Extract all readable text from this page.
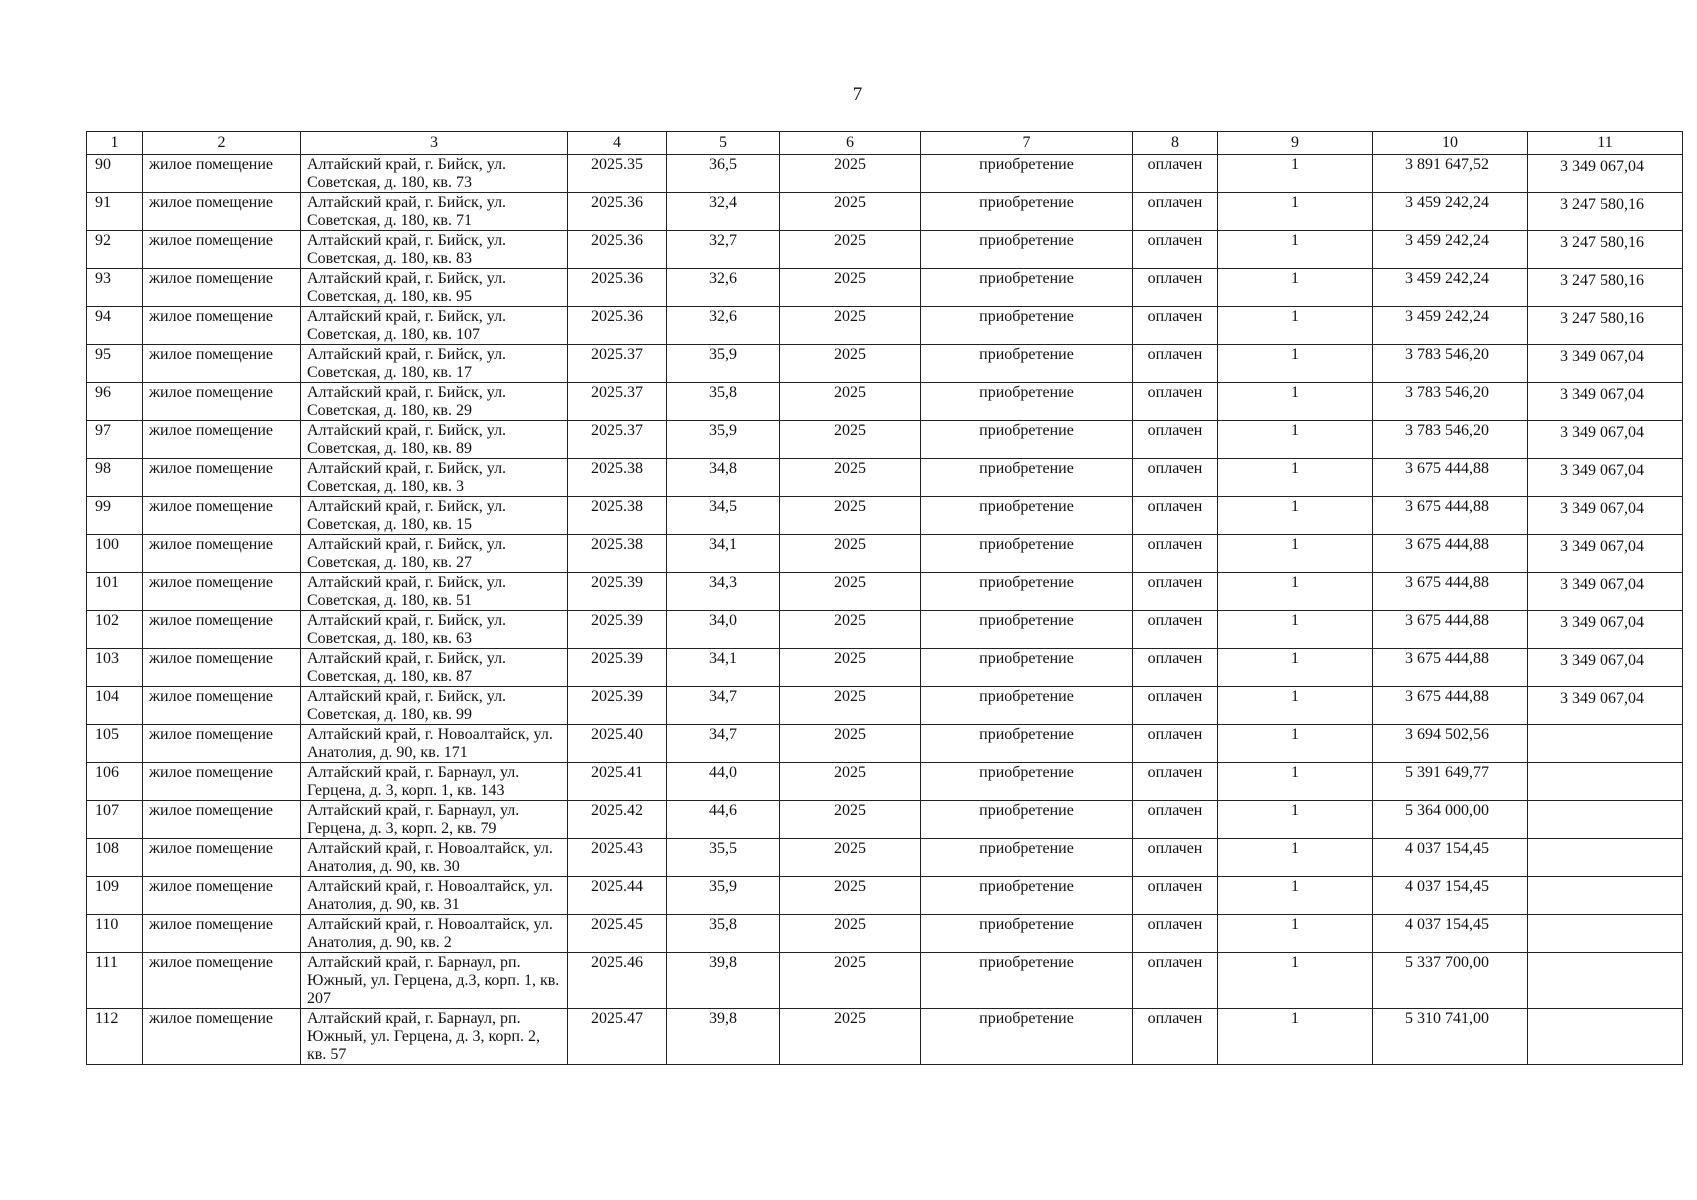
7
1	2	3	4	5	6	7	8	9	10	11
90	жилое помещение	Алтайский край, г. Бийск, ул. Советская, д. 180, кв. 73	2025.35	36,5	2025	приобретение	оплачен	1	3 891 647,52	3 349 067,04
91	жилое помещение	Алтайский край, г. Бийск, ул. Советская, д. 180, кв. 71	2025.36	32,4	2025	приобретение	оплачен	1	3 459 242,24	3 247 580,16
92	жилое помещение	Алтайский край, г. Бийск, ул. Советская, д. 180, кв. 83	2025.36	32,7	2025	приобретение	оплачен	1	3 459 242,24	3 247 580,16
93	жилое помещение	Алтайский край, г. Бийск, ул. Советская, д. 180, кв. 95	2025.36	32,6	2025	приобретение	оплачен	1	3 459 242,24	3 247 580,16
94	жилое помещение	Алтайский край, г. Бийск, ул. Советская, д. 180, кв. 107	2025.36	32,6	2025	приобретение	оплачен	1	3 459 242,24	3 247 580,16
95	жилое помещение	Алтайский край, г. Бийск, ул. Советская, д. 180, кв. 17	2025.37	35,9	2025	приобретение	оплачен	1	3 783 546,20	3 349 067,04
96	жилое помещение	Алтайский край, г. Бийск, ул. Советская, д. 180, кв. 29	2025.37	35,8	2025	приобретение	оплачен	1	3 783 546,20	3 349 067,04
97	жилое помещение	Алтайский край, г. Бийск, ул. Советская, д. 180, кв. 89	2025.37	35,9	2025	приобретение	оплачен	1	3 783 546,20	3 349 067,04
98	жилое помещение	Алтайский край, г. Бийск, ул. Советская, д. 180, кв. 3	2025.38	34,8	2025	приобретение	оплачен	1	3 675 444,88	3 349 067,04
99	жилое помещение	Алтайский край, г. Бийск, ул. Советская, д. 180, кв. 15	2025.38	34,5	2025	приобретение	оплачен	1	3 675 444,88	3 349 067,04
100	жилое помещение	Алтайский край, г. Бийск, ул. Советская, д. 180, кв. 27	2025.38	34,1	2025	приобретение	оплачен	1	3 675 444,88	3 349 067,04
101	жилое помещение	Алтайский край, г. Бийск, ул. Советская, д. 180, кв. 51	2025.39	34,3	2025	приобретение	оплачен	1	3 675 444,88	3 349 067,04
102	жилое помещение	Алтайский край, г. Бийск, ул. Советская, д. 180, кв. 63	2025.39	34,0	2025	приобретение	оплачен	1	3 675 444,88	3 349 067,04
103	жилое помещение	Алтайский край, г. Бийск, ул. Советская, д. 180, кв. 87	2025.39	34,1	2025	приобретение	оплачен	1	3 675 444,88	3 349 067,04
104	жилое помещение	Алтайский край, г. Бийск, ул. Советская, д. 180, кв. 99	2025.39	34,7	2025	приобретение	оплачен	1	3 675 444,88	3 349 067,04
105	жилое помещение	Алтайский край, г. Новоалтайск, ул. Анатолия, д. 90, кв. 171	2025.40	34,7	2025	приобретение	оплачен	1	3 694 502,56	
106	жилое помещение	Алтайский край, г. Барнаул, ул. Герцена, д. 3, корп. 1, кв. 143	2025.41	44,0	2025	приобретение	оплачен	1	5 391 649,77	
107	жилое помещение	Алтайский край, г. Барнаул, ул. Герцена, д. 3, корп. 2, кв. 79	2025.42	44,6	2025	приобретение	оплачен	1	5 364 000,00	
108	жилое помещение	Алтайский край, г. Новоалтайск, ул. Анатолия, д. 90, кв. 30	2025.43	35,5	2025	приобретение	оплачен	1	4 037 154,45	
109	жилое помещение	Алтайский край, г. Новоалтайск, ул. Анатолия, д. 90, кв. 31	2025.44	35,9	2025	приобретение	оплачен	1	4 037 154,45	
110	жилое помещение	Алтайский край, г. Новоалтайск, ул. Анатолия, д. 90, кв. 2	2025.45	35,8	2025	приобретение	оплачен	1	4 037 154,45	
111	жилое помещение	Алтайский край, г. Барнаул, рп. Южный, ул. Герцена, д.3, корп. 1, кв. 207	2025.46	39,8	2025	приобретение	оплачен	1	5 337 700,00	
112	жилое помещение	Алтайский край, г. Барнаул, рп. Южный, ул. Герцена, д. 3, корп. 2, кв. 57	2025.47	39,8	2025	приобретение	оплачен	1	5 310 741,00	
